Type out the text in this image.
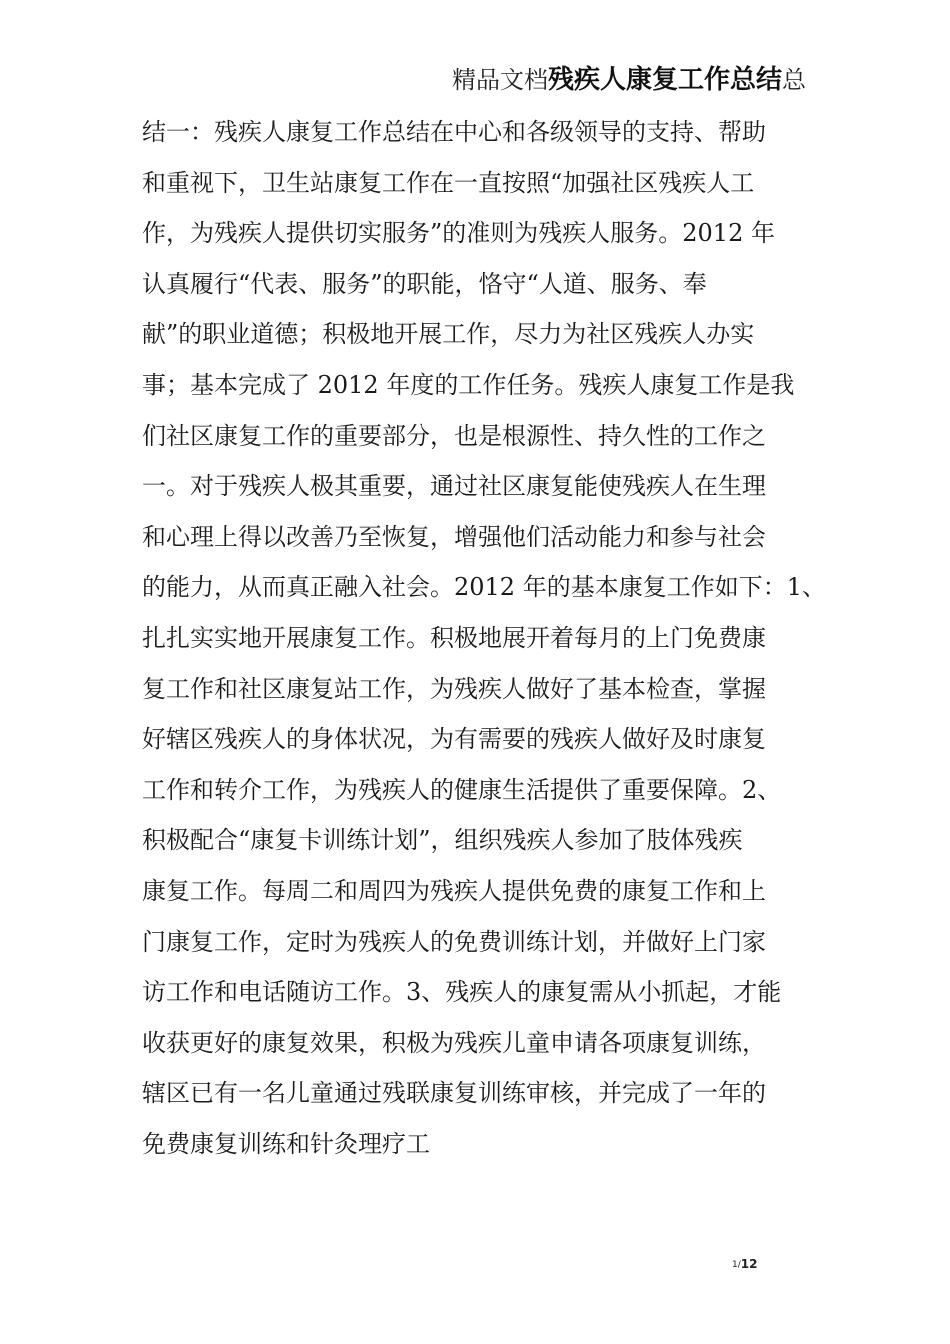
精品文档残疾人康复工作总结总
结一：残疾人康复工作总结在中心和各级领导的支持、帮助
和重视下，卫生站康复工作在一直按照“加强社区残疾人工
作，为残疾人提供切实服务”的准则为残疾人服务。2012 年
认真履行“代表、服务”的职能，恪守“人道、服务、奉
献”的职业道德；积极地开展工作，尽力为社区残疾人办实
事；基本完成了 2012 年度的工作任务。残疾人康复工作是我
们社区康复工作的重要部分，也是根源性、持久性的工作之
一。对于残疾人极其重要，通过社区康复能使残疾人在生理
和心理上得以改善乃至恢复，增强他们活动能力和参与社会
的能力，从而真正融入社会。2012 年的基本康复工作如下：1、
扎扎实实地开展康复工作。积极地展开着每月的上门免费康
复工作和社区康复站工作，为残疾人做好了基本检查，掌握
好辖区残疾人的身体状况，为有需要的残疾人做好及时康复
工作和转介工作，为残疾人的健康生活提供了重要保障。2、
积极配合“康复卡训练计划”，组织残疾人参加了肢体残疾
康复工作。每周二和周四为残疾人提供免费的康复工作和上
门康复工作，定时为残疾人的免费训练计划，并做好上门家
访工作和电话随访工作。3、残疾人的康复需从小抓起，才能
收获更好的康复效果，积极为残疾儿童申请各项康复训练，
辖区已有一名儿童通过残联康复训练审核，并完成了一年的
免费康复训练和针灸理疗工
1/12
